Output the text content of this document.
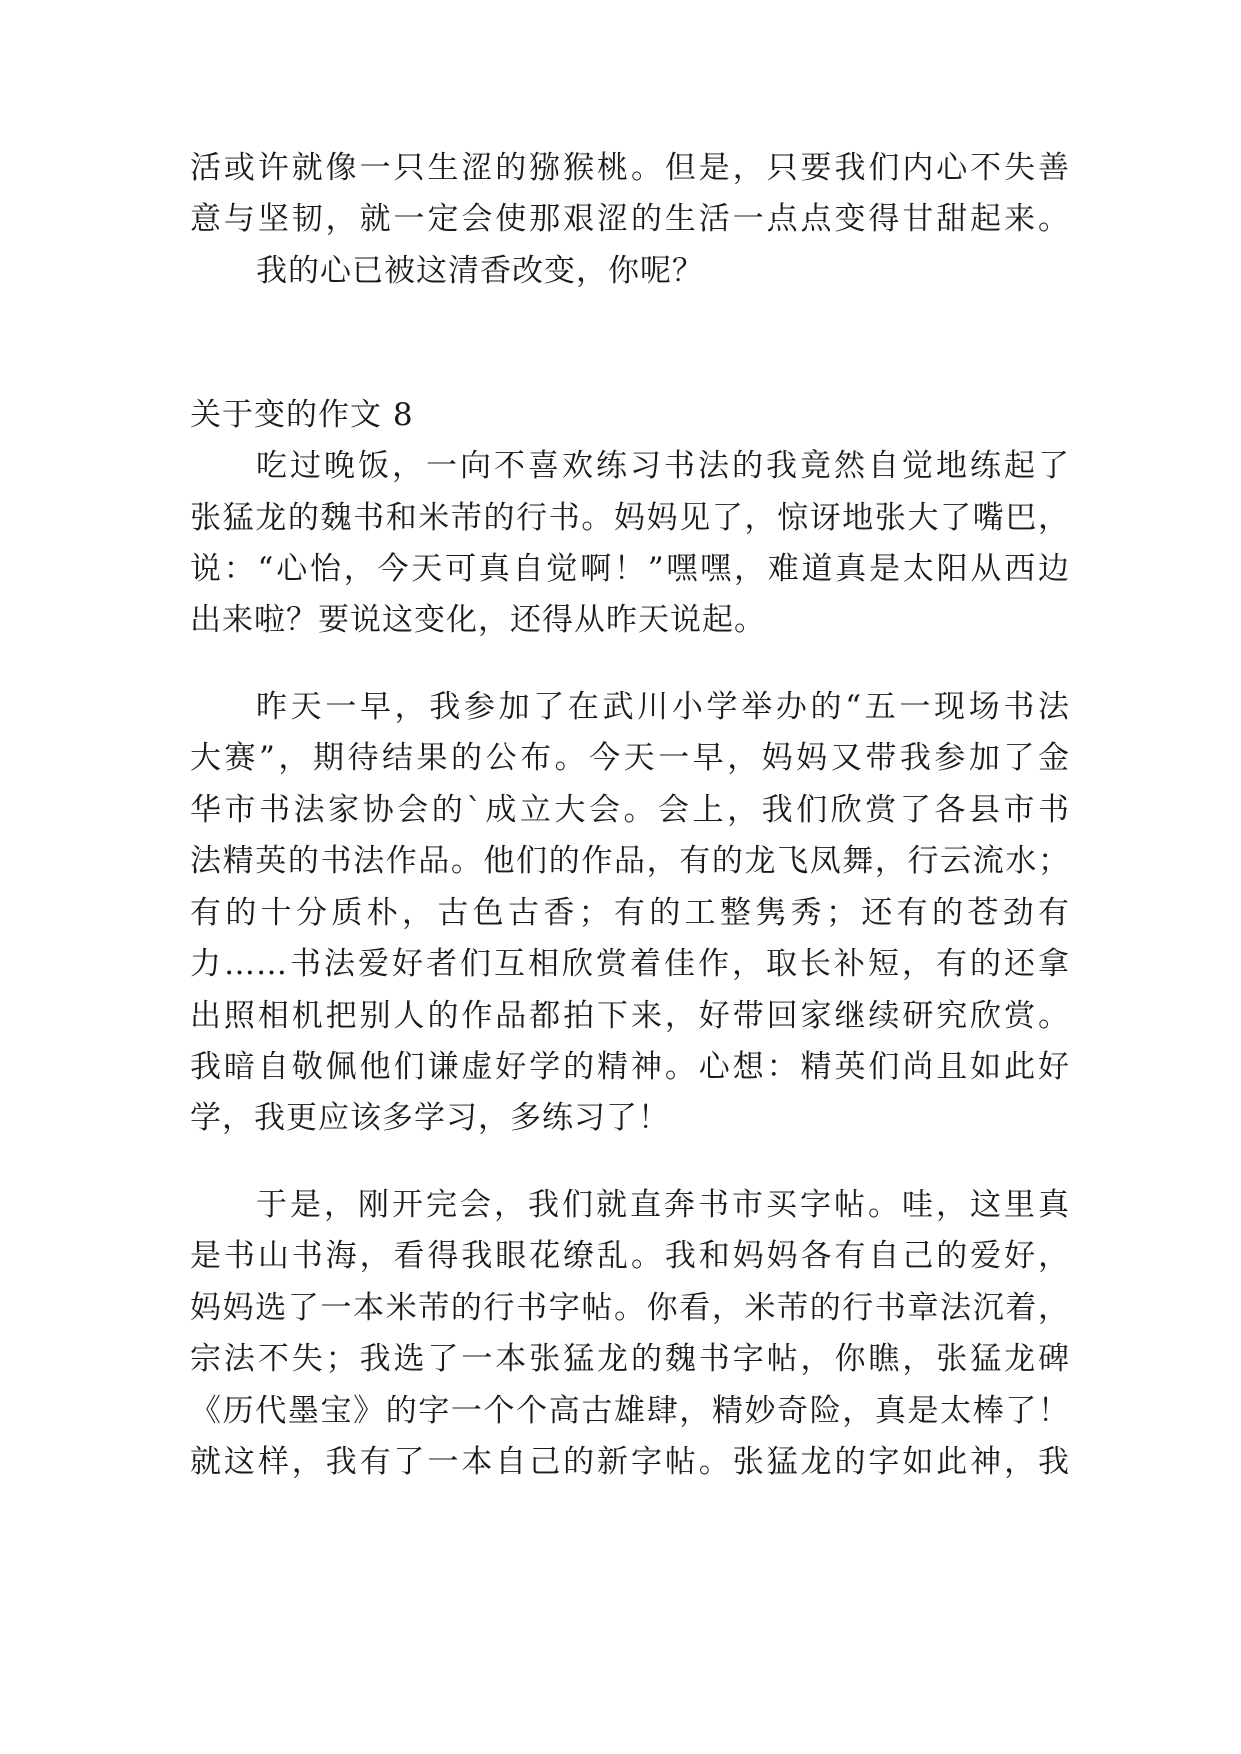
活或许就像一只生涩的猕猴桃。但是，只要我们内心不失善
意与坚韧，就一定会使那艰涩的生活一点点变得甘甜起来。
我的心已被这清香改变，你呢？
关于变的作文 8
吃过晚饭，一向不喜欢练习书法的我竟然自觉地练起了
张猛龙的魏书和米芾的行书。妈妈见了，惊讶地张大了嘴巴，
说：“心怡，今天可真自觉啊！”嘿嘿，难道真是太阳从西边
出来啦？要说这变化，还得从昨天说起。
昨天一早，我参加了在武川小学举办的“五一现场书法
大赛”，期待结果的公布。今天一早，妈妈又带我参加了金
华市书法家协会的`成立大会。会上，我们欣赏了各县市书
法精英的书法作品。他们的作品，有的龙飞凤舞，行云流水；
有的十分质朴，古色古香；有的工整隽秀；还有的苍劲有
力……书法爱好者们互相欣赏着佳作，取长补短，有的还拿
出照相机把别人的作品都拍下来，好带回家继续研究欣赏。
我暗自敬佩他们谦虚好学的精神。心想：精英们尚且如此好
学，我更应该多学习，多练习了！
于是，刚开完会，我们就直奔书市买字帖。哇，这里真
是书山书海，看得我眼花缭乱。我和妈妈各有自己的爱好，
妈妈选了一本米芾的行书字帖。你看，米芾的行书章法沉着，
宗法不失；我选了一本张猛龙的魏书字帖，你瞧，张猛龙碑
《历代墨宝》的字一个个高古雄肆，精妙奇险，真是太棒了！
就这样，我有了一本自己的新字帖。张猛龙的字如此神，我
